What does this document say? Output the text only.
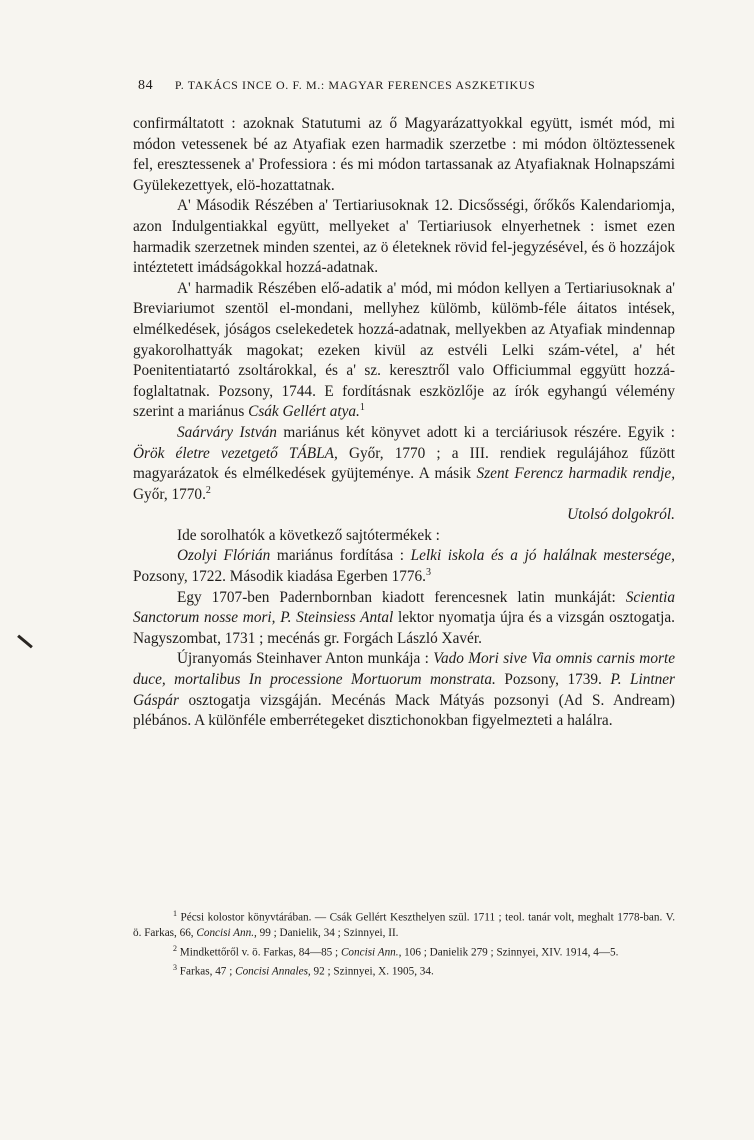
84 P. TAKÁCS INCE O. F. M.: MAGYAR FERENCES ASZKETIKUS

confirmáltatott : azoknak Statutumi az ő Magyarázattyokkal együtt, ismét mód, mi módon vetessenek bé az Atyafiak ezen harmadik szerzetbe : mi módon öltöztessenek fel, eresztessenek a' Professiora : és mi módon tartassanak az Atyafiaknak Holnapszámi Gyülekezettyek, elö-hozattatnak.

A' Második Részében a' Tertiariusoknak 12. Dicsősségi, őrőkős Kalendariomja, azon Indulgentiakkal együtt, mellyeket a' Tertiariusok elnyerhetnek : ismet ezen harmadik szerzetnek minden szentei, az ö életeknek rövid fel-jegyzésével, és ö hozzájok intéztetett imádságokkal hozzá-adatnak.

A' harmadik Részében elő-adatik a' mód, mi módon kellyen a Tertiariusoknak a' Breviariumot szentöl el-mondani, mellyhez külömb, külömb-féle áitatos intések, elmélkedések, jóságos cselekedetek hozzá-adatnak, mellyekben az Atyafiak mindennap gyakorolhattyák magokat; ezeken kivül az estvéli Lelki szám-vétel, a' hét Poenitentiatartó zsoltárokkal, és a' sz. keresztről valo Officiummal eggyütt hozzá-foglaltatnak. Pozsony, 1744. E fordításnak eszközlője az írók egyhangú vélemény szerint a mariánus Csák Gellért atya.$^1$

Saárváry István mariánus két könyvet adott ki a terciáriusok részére. Egyik : Örök életre vezetgető TÁBLA, Győr, 1770 ; a III. rendiek regulájához fűzött magyarázatok és elmélkedések gyüjteménye. A másik Szent Ferencz harmadik rendje, Győr, 1770.$^2$

Utolsó dolgokról.

Ide sorolhatók a következő sajtótermékek :

Ozolyi Flórián mariánus fordítása : Lelki iskola és a jó halálnak mestersége, Pozsony, 1722. Második kiadása Egerben 1776.$^3$

Egy 1707-ben Padernbornban kiadott ferencesnek latin munkáját: Scientia Sanctorum nosse mori, P. Steinsiess Antal lektor nyomatja újra és a vizsgán osztogatja. Nagyszombat, 1731 ; mecénás gr. Forgách László Xavér.

Újranyomás Steinhaver Anton munkája : Vado Mori sive Via omnis carnis morte duce, mortalibus In processione Mortuorum monstrata. Pozsony, 1739. P. Lintner Gáspár osztogatja vizsgáján. Mecénás Mack Mátyás pozsonyi (Ad S. Andream) plébános. A különféle emberrétegeket disztichonokban figyelmezteti a halálra.

$^1$ Pécsi kolostor könyvtárában. — Csák Gellért Keszthelyen szül. 1711 ; teol. tanár volt, meghalt 1778-ban. V. ö. Farkas, 66, Concisi Ann., 99 ; Danielik, 34 ; Szinnyei, II.

$^2$ Mindkettőről v. ö. Farkas, 84—85 ; Concisi Ann., 106 ; Danielik 279 ; Szinnyei, XIV. 1914, 4—5.

$^3$ Farkas, 47 ; Concisi Annales, 92 ; Szinnyei, X. 1905, 34.
